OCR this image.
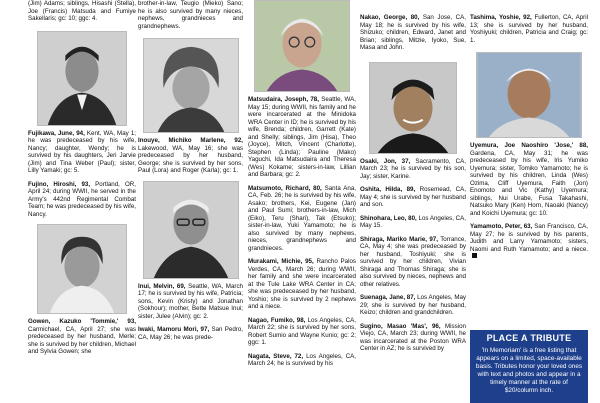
(Jim) Adams; siblings, Hisashi (Stella), Joe (Francis) Matsuda and Fumiye Sakellaris; gc: 10; ggc: 4.

Fujikawa, June, 94, Kent, WA, May 1; he was predeceased by his wife, Nancy; daughter, Wendy; he is survived by his daughters, Jeri Jarvie (Jim) and Tina Weber (Paul); sister, Lilly Yamaki; gc: 5.

Fujino, Hiroshi, 93, Portland, OR, April 24; during WWII, he served in the Army's 442nd Regimental Combat Team; he was predeceased by his wife, Nancy.

Gowen, Kazuko 'Tommie,' 93, Carmichael, CA, April 27; she was predeceased by her husband, Merle; she is survived by her children, Michael and Sylvia Gowen; she

brother-in-law, Teugio (Mieko) Sano; he is also survived by many nieces, nephews, grandnieces and grandnephews.

Inouye, Michiko Marlene, 92, Lakewood, WA, May 16; she was predeceased by her husband, George; she is survived by her sons, Paul (Lora) and Roger (Karla); gc: 1.

Inui, Melvin, 69, Seattle, WA, March 17; he is survived by his wife, Patricia; sons, Kevin (Kristy) and Jonathan (Sokhour); mother, Bette Matsue Inui; sister, Julee (Alvin); gc: 2.

Iwaki, Mamoru Mori, 97, San Pedro, CA, May 26; he was prede-

Matsudaira, Joseph, 78, Seattle, WA, May 15; during WWII, his family and he were incarcerated at the Minidoka WRA Center in ID; he is survived by his wife, Brenda; children, Garrett (Kate) and Shelly; siblings, Jim (Hisa), Theo (Joyce), Mitch, Vincent (Charlotte), Stephen (Linda); Pauline (Mako) Yaguchi, Ida Matsudaira and Theresa (Wes) Kokame; sisters-in-law, Lillian and Barbara; gc: 2.

Matsumoto, Richard, 80, Santa Ana, CA, Feb. 26; he is survived by his wife, Asako; brothers, Kei, Eugene (Jan) and Paul Sumi; brothers-in-law, Mich (Eiko), Teru (Shari), Tak (Etsuko); sister-in-law, Yuki Yamamoto; he is also survived by many nephews, nieces, grandnephews and grandnieces.

Murakami, Michie, 95, Rancho Palos Verdes, CA, March 26; during WWII, her family and she were incarcerated at the Tule Lake WRA Center in CA; she was predeceased by her husband, Yoshio; she is survived by 2 nephews and a niece.

Nagao, Fumiko, 98, Los Angeles, CA, March 22; she is survived by her sons, Robert Sumio and Wayne Kunio; gc: 2; ggc: 1.

Nagata, Steve, 72, Los Angeles, CA, March 24; he is survived by his

Nakao, George, 80, San Jose, CA, May 18; he is survived by his wife, Shizuko; children, Edward, Janet and Brian; siblings, Mitzie, Iyoko, Sue, Masa and John.

Osaki, Jon, 37, Sacramento, CA, March 23; he is survived by his son, Jay; sister, Karine.

Oshita, Hilda, 89, Rosemead, CA, May 4; she is survived by her husband and son.

Shinohara, Leo, 80, Los Angeles, CA, May 15.

Shiraga, Mariko Marie, 97, Torrance, CA, May 4; she was predeceased by her husband, Toshiyuki; she is survived by her children, Vivian Shiraga and Thomas Shiraga; she is also survived by nieces, nephews and other relatives.

Suenaga, Jane, 87, Los Angeles, May 29; she is survived by her husband, Keizo; children and grandchildren.

Sugino, Masao 'Mas', 96, Mission Viejo, CA, March 23; during WWII, he was incarcerated at the Poston WRA Center in AZ; he is survived by

Tashima, Yoshie, 92, Fullerton, CA, April 13; she is survived by her husband, Yoshiyuki; children, Patricia and Craig; gc: 1.

Uyemura, Joe Naoshiro 'Jose,' 88, Gardena, CA, May 31; he was predeceased by his wife, Iris Yumiko Uyemura; sister, Tomiko Yamamoto; he is survived by his children, Linda (Wes) Ozima, Cliff Uyemura, Faith (Jon) Enomoto and Vic (Kathy) Uyemura; siblings, Nui Urabe, Fusa Takahashi, Natsuko Mary (Ken) Horn, Naoaki (Nancy) and Koichi Uyemura; gc: 10.

Yamamoto, Peter, 63, San Francisco, CA, May 27; he is survived by his parents, Judith and Larry Yamamoto; sisters, Naomi and Ruth Yamamoto; and a niece.

PLACE A TRIBUTE
'In Memoriam' is a free listing that appears on a limited, space-available basis. Tributes honor your loved ones with text and photos and appear in a timely manner at the rate of $20/column inch.
